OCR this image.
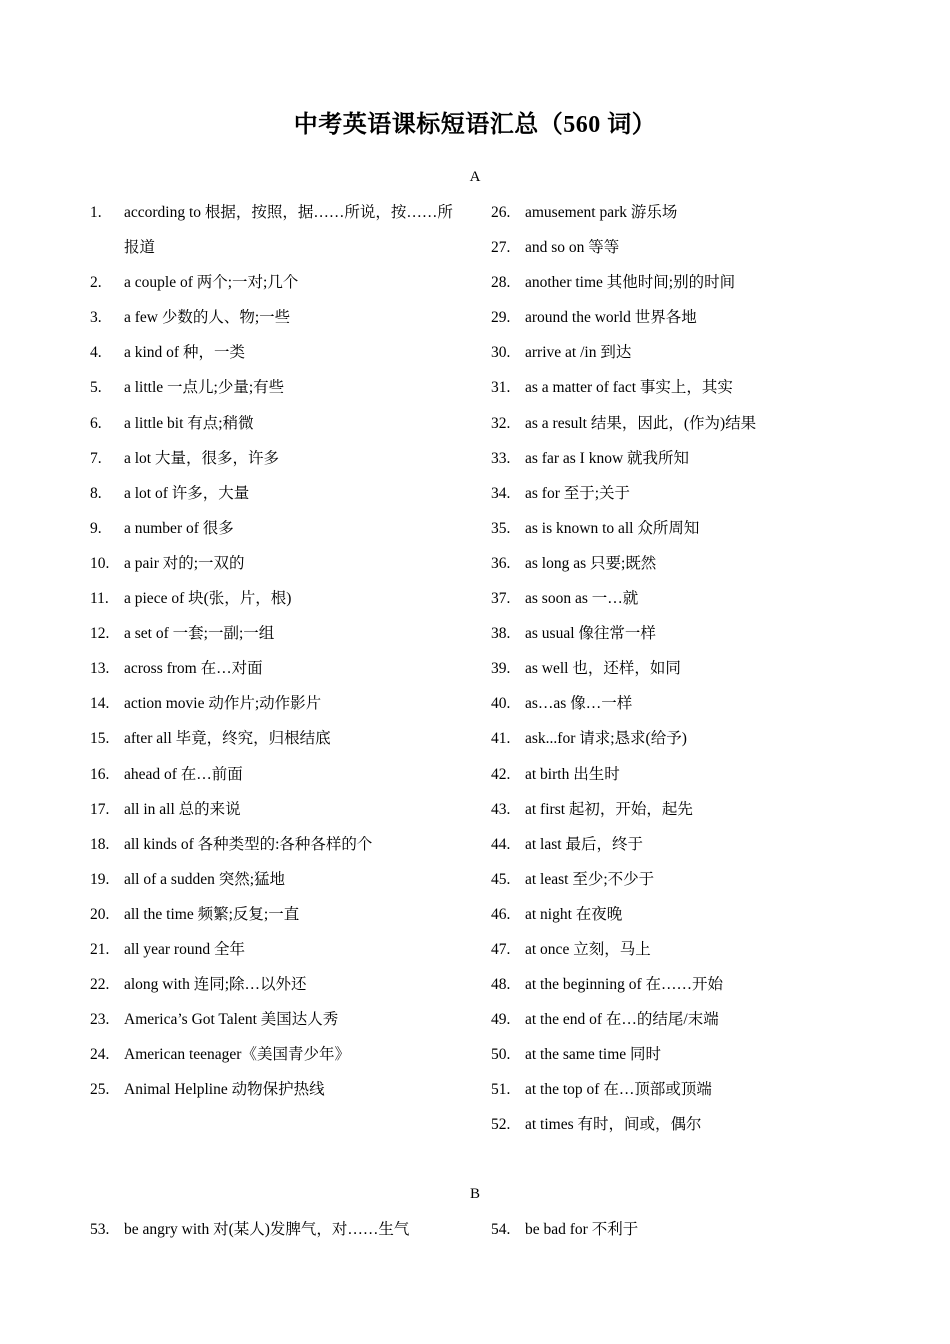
中考英语课标短语汇总（560 词）
A
1. according to 根据，按照，据……所说，按……所报道
2. a couple of 两个;一对;几个
3. a few 少数的人、物;一些
4. a kind of 种，一类
5. a little 一点儿;少量;有些
6. a little bit 有点;稍微
7. a lot 大量，很多，许多
8. a lot of 许多，大量
9. a number of 很多
10. a pair 对的;一双的
11. a piece of 块(张，片，根)
12. a set of 一套;一副;一组
13. across from 在…对面
14. action movie 动作片;动作影片
15. after all 毕竟，终究，归根结底
16. ahead of 在…前面
17. all in all 总的来说
18. all kinds of 各种类型的:各种各样的个
19. all of a sudden 突然;猛地
20. all the time 频繁;反复;一直
21. all year round 全年
22. along with 连同;除…以外还
23. America’s Got Talent 美国达人秀
24. American teenager《美国青少年》
25. Animal Helpline 动物保护热线
26. amusement park 游乐场
27. and so on 等等
28. another time 其他时间;别的时间
29. around the world 世界各地
30. arrive at /in 到达
31. as a matter of fact 事实上，其实
32. as a result 结果，因此，(作为)结果
33. as far as I know 就我所知
34. as for 至于;关于
35. as is known to all 众所周知
36. as long as 只要;既然
37. as soon as 一…就
38. as usual 像往常一样
39. as well 也，还样，如同
40. as…as 像…一样
41. ask...for 请求;恳求(给予)
42. at birth 出生时
43. at first 起初，开始，起先
44. at last 最后，终于
45. at least 至少;不少于
46. at night 在夜晚
47. at once 立刻，马上
48. at the beginning of 在……开始
49. at the end of 在…的结尾/末端
50. at the same time 同时
51. at the top of 在…顶部或顶端
52. at times 有时，间或，偶尔
B
53. be angry with 对(某人)发脾气，对……生气	54. be bad for 不利于
